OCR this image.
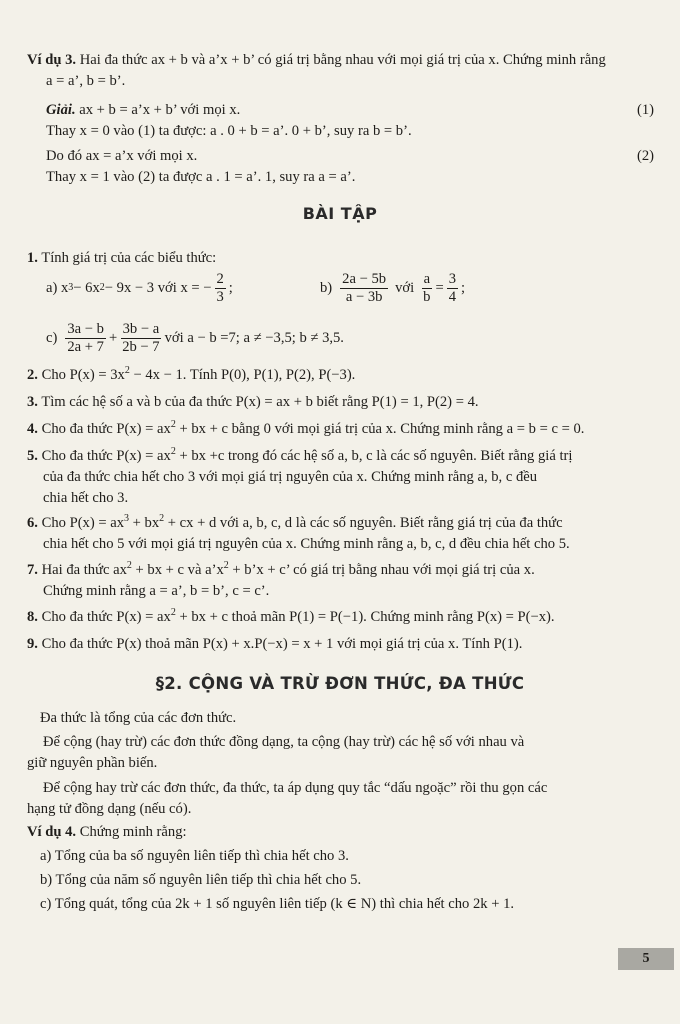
Ví dụ 3. Hai đa thức ax + b và a’x + b’ có giá trị bằng nhau với mọi giá trị của x. Chứng minh rằng
a = a’, b = b’.
Giải. ax + b = a’x + b’ với mọi x.	(1)
Thay x = 0 vào (1) ta được: a . 0 + b = a’. 0 + b’, suy ra b = b’.
Do đó ax = a’x với mọi x.	(2)
Thay x = 1 vào (2) ta được a . 1 = a’. 1, suy ra a = a’.
BÀI TẬP
1. Tính giá trị của các biểu thức:
a) x 3 − 6x 2 − 9x − 3 với x = − $\frac{2}{3}$ ;	$b) \frac{2a - 5b}{a - 3b}$ với $\frac{a}{b} = \frac{3}{4}$ ;
$c) \frac{3a - b}{2a + 7} + \frac{3b - a}{2b - 7}$ với a − b =7; a ≠ −3,5; b ≠ 3,5.
2. Cho $P(x) = 3x^2 - 4x - 1$. Tính P(0), P(1), P(2), P(−3).
3. Tìm các hệ số a và b của đa thức P(x) = ax + b biết rằng P(1) = 1, P(2) = 4.
4. Cho đa thức $P(x) = ax^2$ + bx + c bằng 0 với mọi giá trị của x. Chứng minh rằng a = b = c = 0.
5. Cho đa thức $P(x) = ax^2$ + bx +c trong đó các hệ số a, b, c là các số nguyên. Biết rằng giá trị
của đa thức chia hết cho 3 với mọi giá trị nguyên của x. Chứng minh rằng a, b, c đều
chia hết cho 3.
6. Cho $P(x) = ax^3 + bx^2$ + cx + d với a, b, c, d là các số nguyên. Biết rằng giá trị của đa thức
chia hết cho 5 với mọi giá trị nguyên của x. Chứng minh rằng a, b, c, d đều chia hết cho 5.
7. Hai đa thức $ax^2$ + bx + c và $a’x^2$ + b’x + c’ có giá trị bằng nhau với mọi giá trị của x.
Chứng minh rằng a = a’, b = b’, c = c’.
8. Cho đa thức $P(x) = ax^2$ + bx + c thoả mãn P(1) = P(−1). Chứng minh rằng P(x) = P(−x).
9. Cho đa thức P(x) thoả mãn P(x) + x.P(−x) = x + 1 với mọi giá trị của x. Tính P(1).
§2. CỘNG VÀ TRỪ ĐƠN THỨC, ĐA THỨC
Đa thức là tổng của các đơn thức.
Để cộng (hay trừ) các đơn thức đồng dạng, ta cộng (hay trừ) các hệ số với nhau và
giữ nguyên phần biến.
Để cộng hay trừ các đơn thức, đa thức, ta áp dụng quy tắc “dấu ngoặc” rồi thu gọn các
hạng tử đồng dạng (nếu có).
Ví dụ 4. Chứng minh rằng:
a) Tổng của ba số nguyên liên tiếp thì chia hết cho 3.
b) Tổng của năm số nguyên liên tiếp thì chia hết cho 5.
c) Tổng quát, tổng của 2k + 1 số nguyên liên tiếp (k ∈ N) thì chia hết cho 2k + 1.
5
